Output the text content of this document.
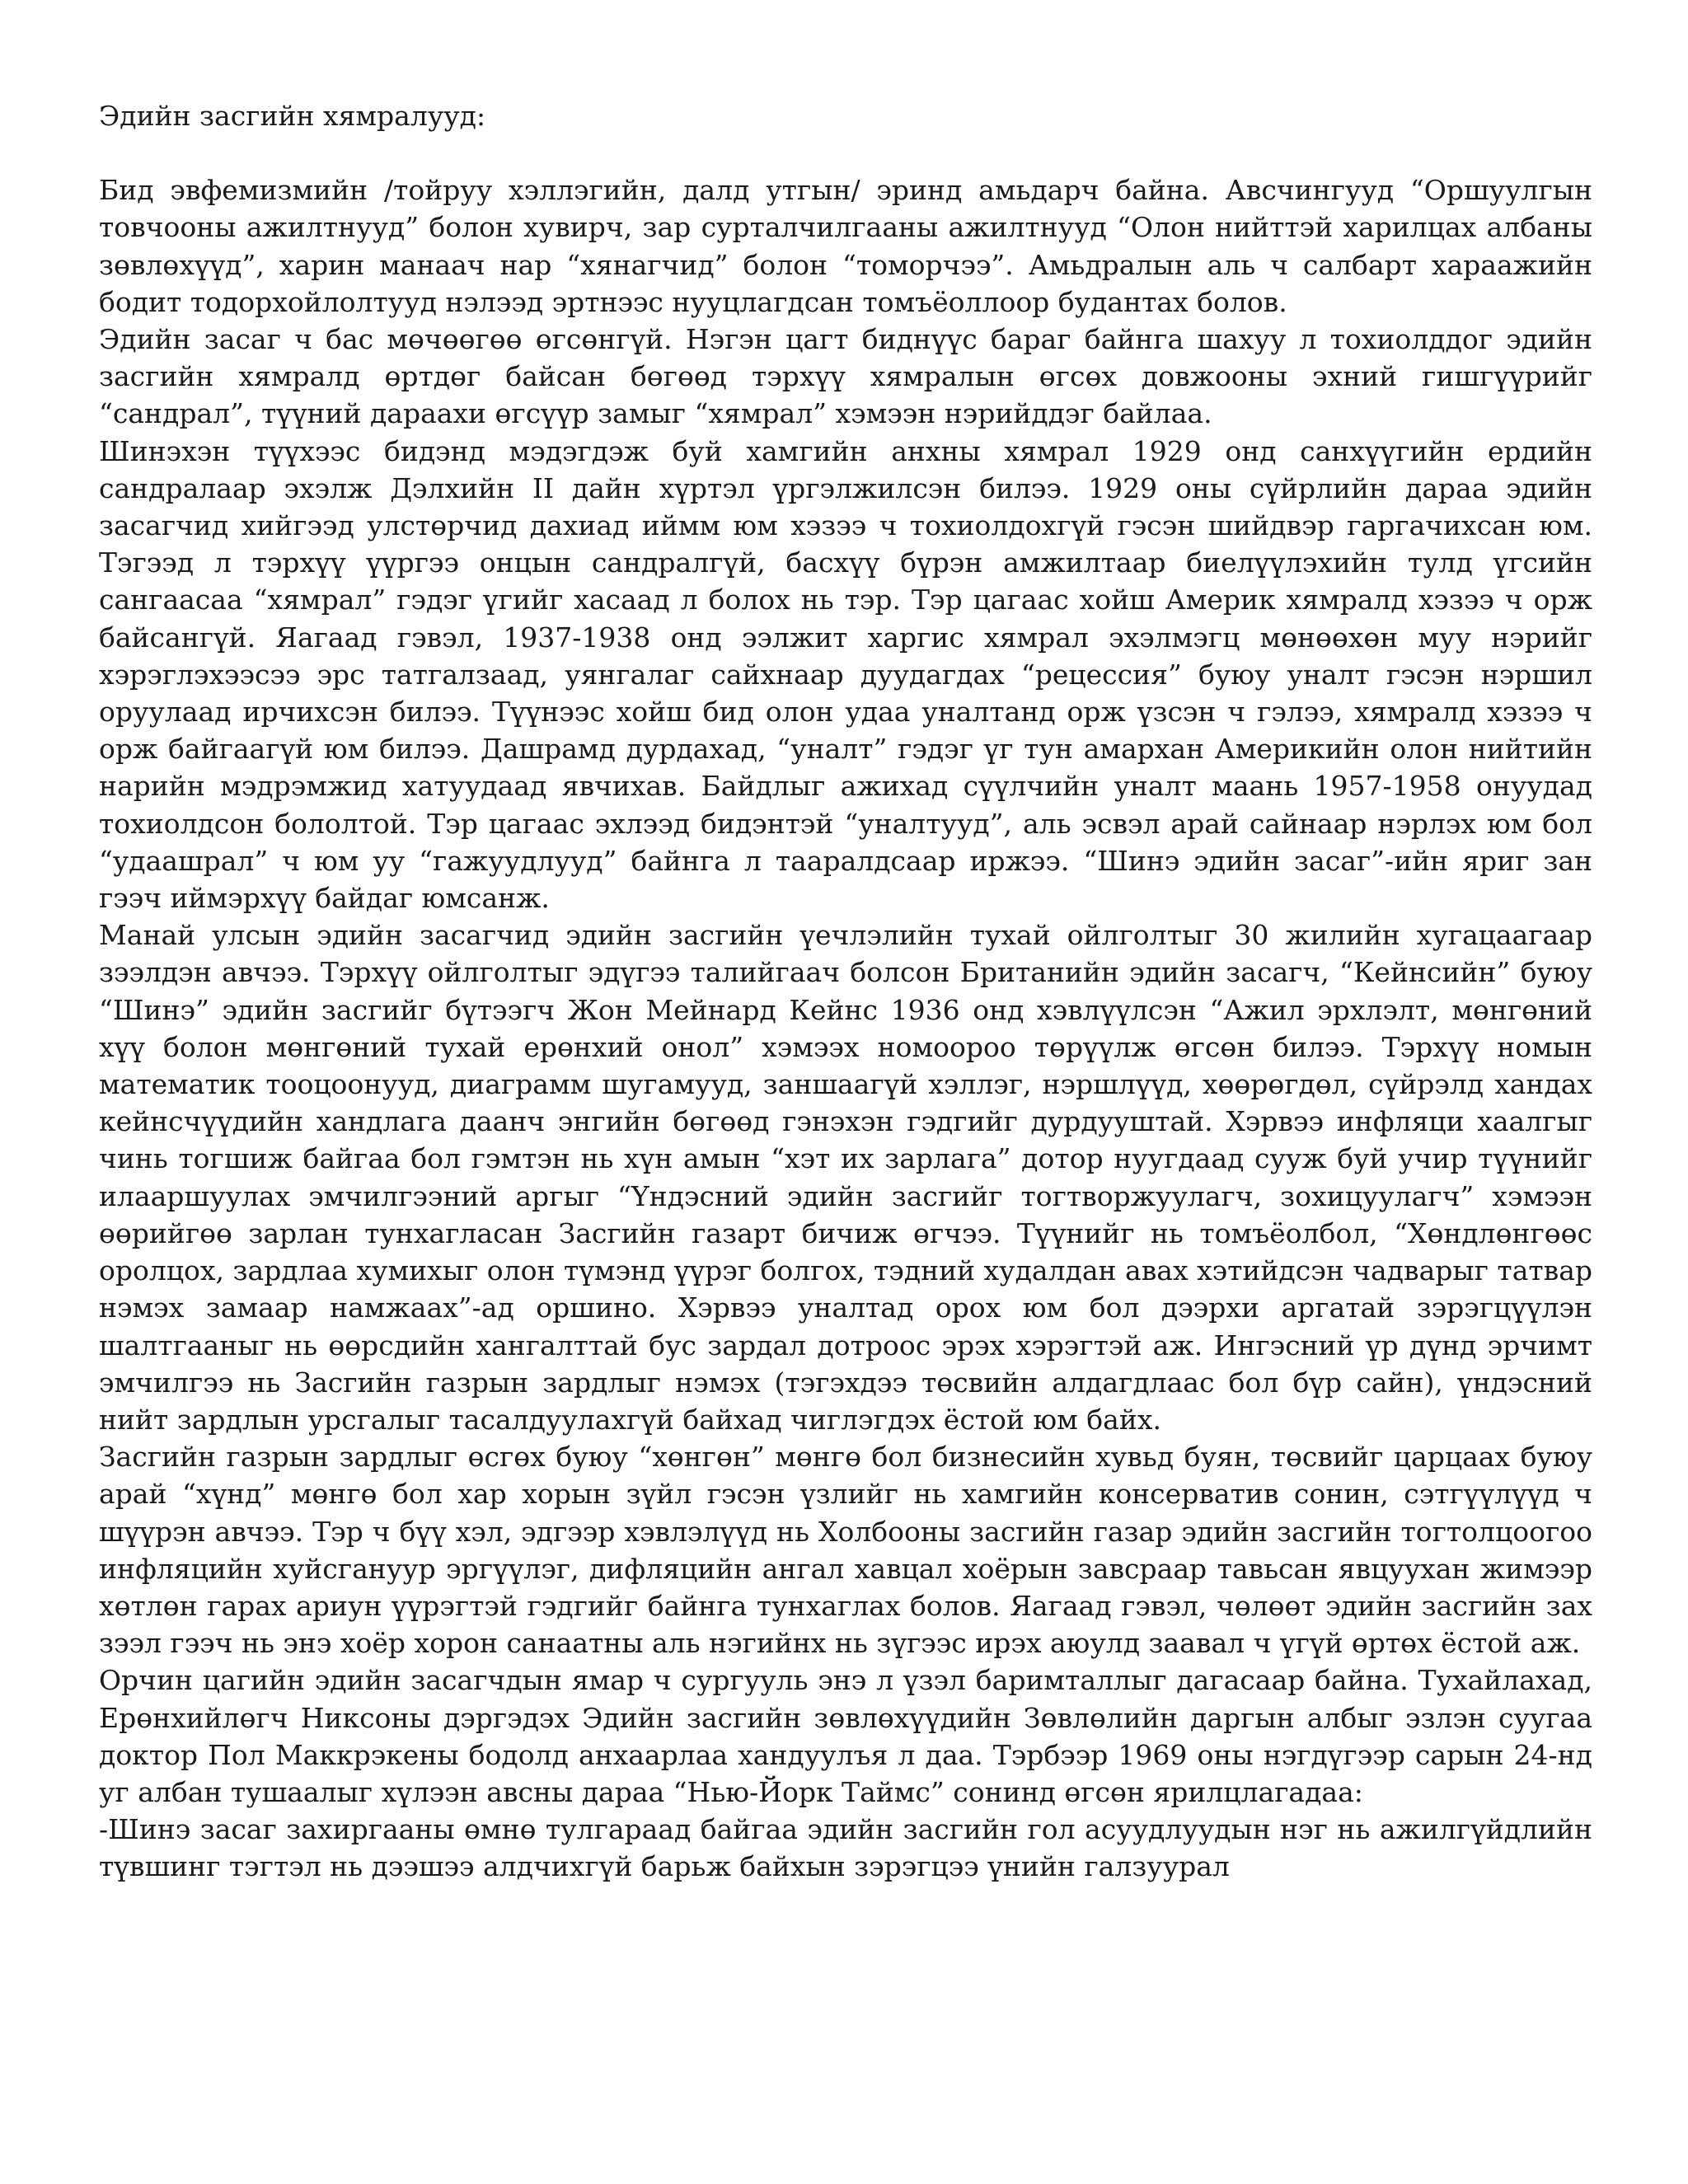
Эдийн засгийн хямралууд:

Бид эвфемизмийн /тойруу хэллэгийн, далд утгын/ эринд амьдарч байна. Авсчингууд “Оршуулгын товчооны ажилтнууд” болон хувирч, зар сурталчилгааны ажилтнууд “Олон нийттэй харилцах албаны зөвлөхүүд”, харин манаач нар “хянагчид” болон “томорчээ”. Амьдралын аль ч салбарт хараажийн бодит тодорхойлолтууд нэлээд эртнээс нууцлагдсан томъёоллоор будантах болов.

Эдийн засаг ч бас мөчөөгөө өгсөнгүй. Нэгэн цагт биднүүс бараг байнга шахуу л тохиолддог эдийн засгийн хямралд өртдөг байсан бөгөөд тэрхүү хямралын өгсөх довжооны эхний гишгүүрийг “сандрал”, түүний дараахи өгсүүр замыг “хямрал” хэмээн нэрийддэг байлаа.

Шинэхэн түүхээс бидэнд мэдэгдэж буй хамгийн анхны хямрал 1929 онд санхүүгийн ердийн сандралаар эхэлж Дэлхийн II дайн хүртэл үргэлжилсэн билээ. 1929 оны сүйрлийн дараа эдийн засагчид хийгээд улстөрчид дахиад иймм юм хэзээ ч тохиолдохгүй гэсэн шийдвэр гаргачихсан юм. Тэгээд л тэрхүү үүргээ онцын сандралгүй, басхүү бүрэн амжилтаар биелүүлэхийн тулд үгсийн сангаасаа “хямрал” гэдэг үгийг хасаад л болох нь тэр. Тэр цагаас хойш Америк хямралд хэзээ ч орж байсангүй. Яагаад гэвэл, 1937-1938 онд ээлжит харгис хямрал эхэлмэгц мөнөөхөн муу нэрийг хэрэглэхээсээ эрс татгалзаад, уянгалаг сайхнаар дуудагдах “рецессия” буюу уналт гэсэн нэршил оруулаад ирчихсэн билээ. Түүнээс хойш бид олон удаа уналтанд орж үзсэн ч гэлээ, хямралд хэзээ ч орж байгаагүй юм билээ. Дашрамд дурдахад, “уналт” гэдэг үг тун амархан Америкийн олон нийтийн нарийн мэдрэмжид хатуудаад явчихав. Байдлыг ажихад сүүлчийн уналт маань 1957-1958 онуудад тохиолдсон бололтой. Тэр цагаас эхлээд бидэнтэй “уналтууд”, аль эсвэл арай сайнаар нэрлэх юм бол “удаашрал” ч юм уу “гажуудлууд” байнга л тааралдсаар иржээ. “Шинэ эдийн засаг”-ийн яриг зан гээч иймэрхүү байдаг юмсанж.

Манай улсын эдийн засагчид эдийн засгийн үечлэлийн тухай ойлголтыг 30 жилийн хугацаагаар зээлдэн авчээ. Тэрхүү ойлголтыг эдүгээ талийгаач болсон Британийн эдийн засагч, “Кейнсийн” буюу “Шинэ” эдийн засгийг бүтээгч Жон Мейнард Кейнс 1936 онд хэвлүүлсэн “Ажил эрхлэлт, мөнгөний хүү болон мөнгөний тухай ерөнхий онол” хэмээх номоороо төрүүлж өгсөн билээ. Тэрхүү номын математик тооцоонууд, диаграмм шугамууд, заншаагүй хэллэг, нэршлүүд, хөөрөгдөл, сүйрэлд хандах кейнсчүүдийн хандлага даанч энгийн бөгөөд гэнэхэн гэдгийг дурдууштай. Хэрвээ инфляци хаалгыг чинь тогшиж байгаа бол гэмтэн нь хүн амын “хэт их зарлага” дотор нуугдаад сууж буй учир түүнийг илааршуулах эмчилгээний аргыг “Үндэсний эдийн засгийг тогтворжуулагч, зохицуулагч” хэмээн өөрийгөө зарлан тунхагласан Засгийн газарт бичиж өгчээ. Түүнийг нь томъёолбол, “Хөндлөнгөөс оролцох, зардлаа хумихыг олон түмэнд үүрэг болгох, тэдний худалдан авах хэтийдсэн чадварыг татвар нэмэх замаар намжаах”-ад оршино. Хэрвээ уналтад орох юм бол дээрхи аргатай зэрэгцүүлэн шалтгааныг нь өөрсдийн хангалттай бус зардал дотроос эрэх хэрэгтэй аж. Ингэсний үр дүнд эрчимт эмчилгээ нь Засгийн газрын зардлыг нэмэх (тэгэхдээ төсвийн алдагдлаас бол бүр сайн), үндэсний нийт зардлын урсгалыг тасалдуулахгүй байхад чиглэгдэх ёстой юм байх.

Засгийн газрын зардлыг өсгөх буюу “хөнгөн” мөнгө бол бизнесийн хувьд буян, төсвийг царцаах буюу арай “хүнд” мөнгө бол хар хорын зүйл гэсэн үзлийг нь хамгийн консерватив сонин, сэтгүүлүүд ч шүүрэн авчээ. Тэр ч бүү хэл, эдгээр хэвлэлүүд нь Холбооны засгийн газар эдийн засгийн тогтолцоогоо инфляцийн хуйсгануур эргүүлэг, дифляцийн ангал хавцал хоёрын завсраар тавьсан явцуухан жимээр хөтлөн гарах ариун үүрэгтэй гэдгийг байнга тунхаглах болов. Яагаад гэвэл, чөлөөт эдийн засгийн зах зээл гээч нь энэ хоёр хорон санаатны аль нэгийнх нь зүгээс ирэх аюулд заавал ч үгүй өртөх ёстой аж.

Орчин цагийн эдийн засагчдын ямар ч сургууль энэ л үзэл баримталлыг дагасаар байна. Тухайлахад, Ерөнхийлөгч Никсоны дэргэдэх Эдийн засгийн зөвлөхүүдийн Зөвлөлийн даргын албыг эзлэн суугаа доктор Пол Маккрэкены бодолд анхаарлаа хандуулъя л даа. Тэрбээр 1969 оны нэгдүгээр сарын 24-нд уг албан тушаалыг хүлээн авсны дараа “Нью-Йорк Таймс” сонинд өгсөн ярилцлагадаа:

-Шинэ засаг захиргааны өмнө тулгараад байгаа эдийн засгийн гол асуудлуудын нэг нь ажилгүйдлийн түвшинг тэгтэл нь дээшээ алдчихгүй барьж байхын зэрэгцээ үнийн галзуурал
